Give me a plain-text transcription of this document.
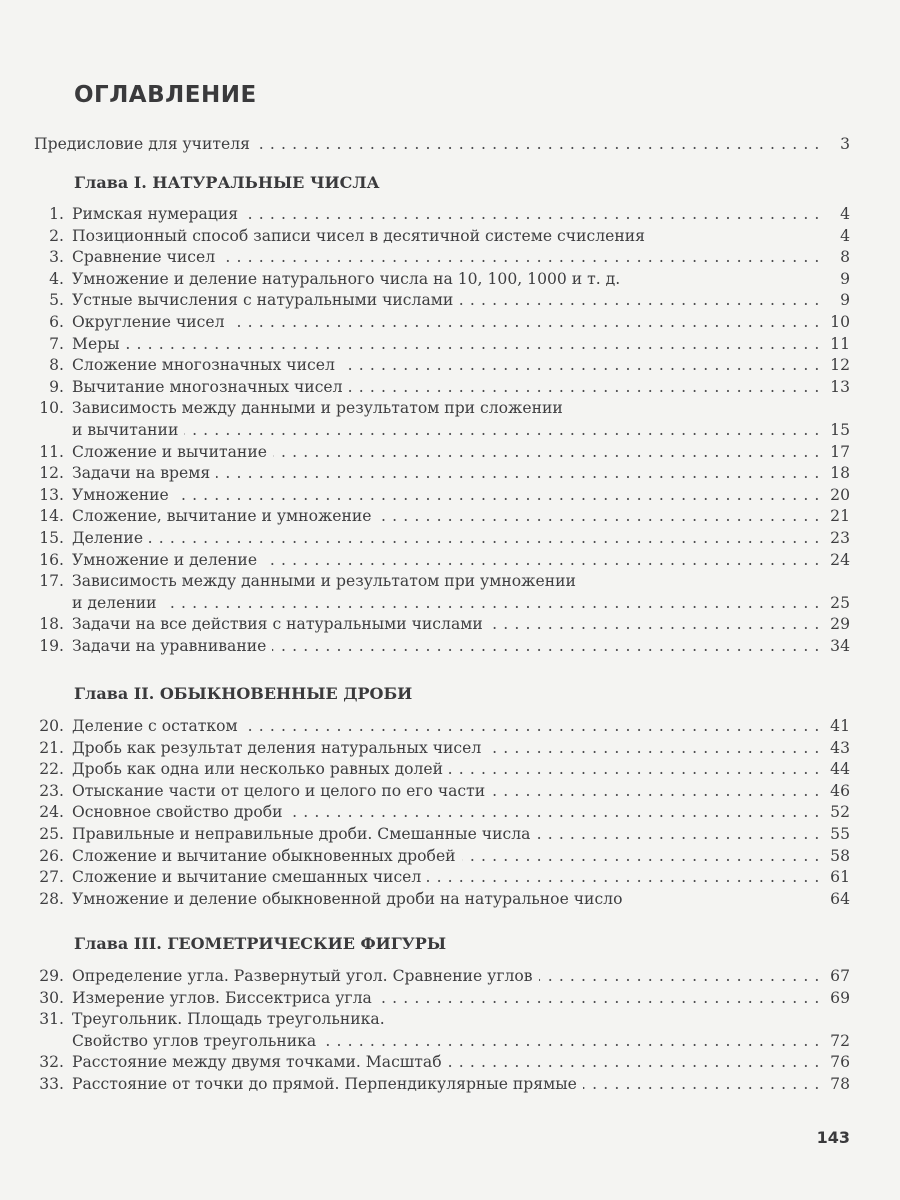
ОГЛАВЛЕНИЕ
Предисловие для учителя . . .	3
Глава I. НАТУРАЛЬНЫЕ ЧИСЛА
1. Римская нумерация . . .	4
2. Позиционный способ записи чисел в десятичной системе счисления	4
3. Сравнение чисел . . .	8
4. Умножение и деление натурального числа на 10, 100, 1000 и т. д.	9
5. Устные вычисления с натуральными числами . . .	9
6. Округление чисел . . .	10
7. Меры . . .	11
8. Сложение многозначных чисел . . .	12
9. Вычитание многозначных чисел . . .	13
10. Зависимость между данными и результатом при сложении
и вычитании . . .	15
11. Сложение и вычитание . . .	17
12. Задачи на время . . .	18
13. Умножение . . .	20
14. Сложение, вычитание и умножение . . .	21
15. Деление . . .	23
16. Умножение и деление . . .	24
17. Зависимость между данными и результатом при умножении
и делении . . .	25
18. Задачи на все действия с натуральными числами . . .	29
19. Задачи на уравнивание . . .	34
Глава II. ОБЫКНОВЕННЫЕ ДРОБИ
20. Деление с остатком . . .	41
21. Дробь как результат деления натуральных чисел . . .	43
22. Дробь как одна или несколько равных долей . . .	44
23. Отыскание части от целого и целого по его части . . .	46
24. Основное свойство дроби . . .	52
25. Правильные и неправильные дроби. Смешанные числа . . .	55
26. Сложение и вычитание обыкновенных дробей . . .	58
27. Сложение и вычитание смешанных чисел . . .	61
28. Умножение и деление обыкновенной дроби на натуральное число	64
Глава III. ГЕОМЕТРИЧЕСКИЕ ФИГУРЫ
29. Определение угла. Развернутый угол. Сравнение углов . . .	67
30. Измерение углов. Биссектриса угла . . .	69
31. Треугольник. Площадь треугольника.
Свойство углов треугольника . . .	72
32. Расстояние между двумя точками. Масштаб . . .	76
33. Расстояние от точки до прямой. Перпендикулярные прямые . . .	78
143
